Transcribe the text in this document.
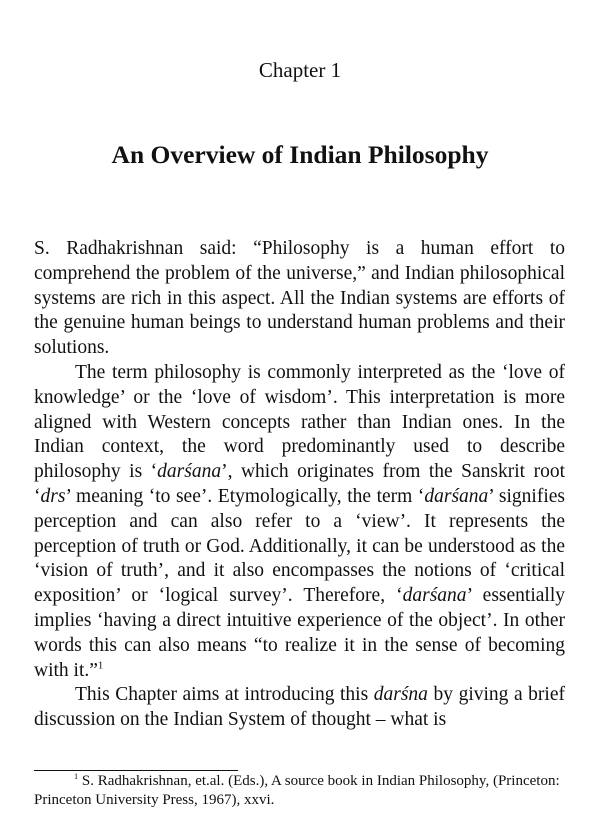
Chapter 1
An Overview of Indian Philosophy

S. Radhakrishnan said: “Philosophy is a human effort to comprehend the problem of the universe,” and Indian philosophical systems are rich in this aspect. All the Indian systems are efforts of the genuine human beings to understand human problems and their solutions.

The term philosophy is commonly interpreted as the ‘love of knowledge’ or the ‘love of wisdom’. This interpretation is more aligned with Western concepts rather than Indian ones. In the Indian context, the word predominantly used to describe philosophy is ‘darśana’, which originates from the Sanskrit root ‘drs’ meaning ‘to see’. Etymologically, the term ‘darśana’ signifies perception and can also refer to a ‘view’. It represents the perception of truth or God. Additionally, it can be understood as the ‘vision of truth’, and it also encompasses the notions of ‘critical exposition’ or ‘logical survey’. Therefore, ‘darśana’ essentially implies ‘having a direct intuitive experience of the object’. In other words this can also means “to realize it in the sense of becoming with it.”$^1$

This Chapter aims at introducing this darśna by giving a brief discussion on the Indian System of thought – what is

$^1$ S. Radhakrishnan, et.al. (Eds.), A source book in Indian Philosophy, (Princeton: Princeton University Press, 1967), xxvi.
